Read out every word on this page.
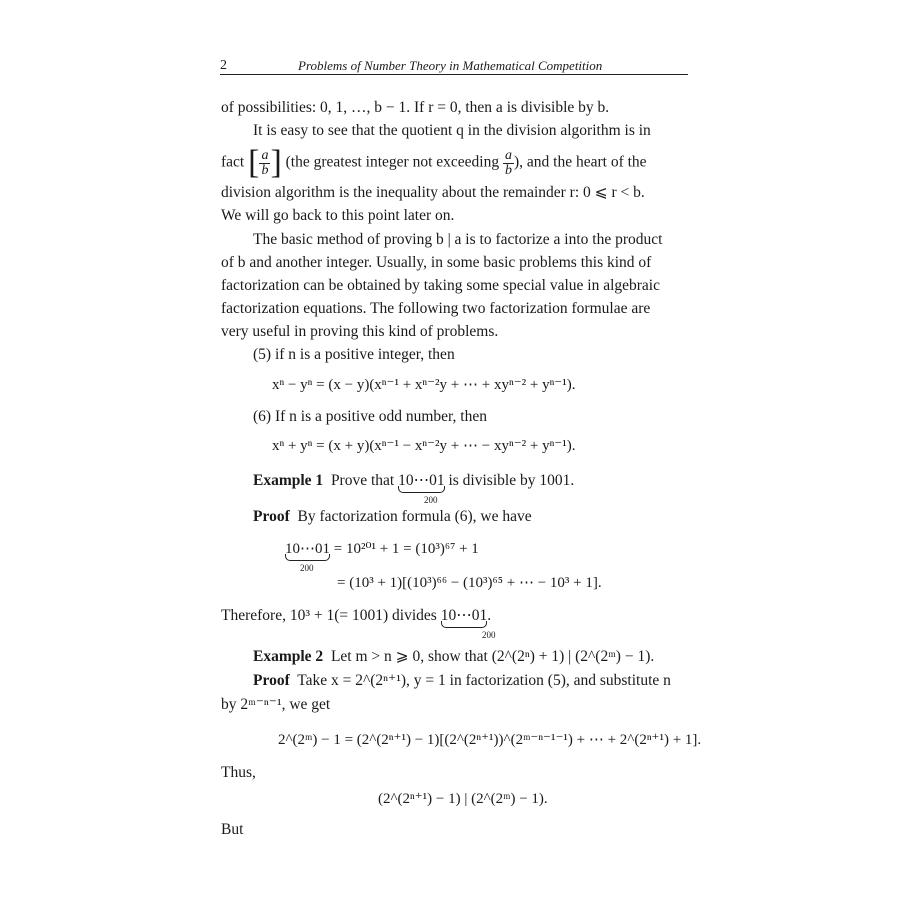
2	Problems of Number Theory in Mathematical Competition
of possibilities: 0, 1, …, b − 1. If r = 0, then a is divisible by b.
It is easy to see that the quotient q in the division algorithm is in
fact [ $\frac{a}{b}$ ] (the greatest integer not exceeding $\frac{a}{b}$ ), and the heart of the
division algorithm is the inequality about the remainder r: 0 ⩽ r < b.
We will go back to this point later on.
The basic method of proving b | a is to factorize a into the product
of b and another integer. Usually, in some basic problems this kind of
factorization can be obtained by taking some special value in algebraic
factorization equations. The following two factorization formulae are
very useful in proving this kind of problems.
(5) if n is a positive integer, then
xⁿ − yⁿ = (x − y)(xⁿ⁻¹ + xⁿ⁻²y + ⋯ + xyⁿ⁻² + yⁿ⁻¹).
(6) If n is a positive odd number, then
xⁿ + yⁿ = (x + y)(xⁿ⁻¹ − xⁿ⁻²y + ⋯ − xyⁿ⁻² + yⁿ⁻¹).
Example 1 Prove that 10⋯01 is divisible by 1001.
200
Proof By factorization formula (6), we have
10⋯01 = 10²⁰¹ + 1 = (10³)⁶⁷ + 1
200
= (10³ + 1)[(10³)⁶⁶ − (10³)⁶⁵ + ⋯ − 10³ + 1].
Therefore, 10³ + 1(= 1001) divides 10⋯01
.
200
Example 2 Let m > n ⩾ 0, show that (2^(2ⁿ) + 1) | (2^(2ᵐ) − 1).
Proof Take x = 2^(2ⁿ⁺¹), y = 1 in factorization (5), and substitute n
by 2ᵐ⁻ⁿ⁻¹, we get
2^(2ᵐ) − 1 = (2^(2ⁿ⁺¹) − 1)[(2^(2ⁿ⁺¹))^(2ᵐ⁻ⁿ⁻¹⁻¹) + ⋯ + 2^(2ⁿ⁺¹) + 1].
Thus,
(2^(2ⁿ⁺¹) − 1) | (2^(2ᵐ) − 1).
But
